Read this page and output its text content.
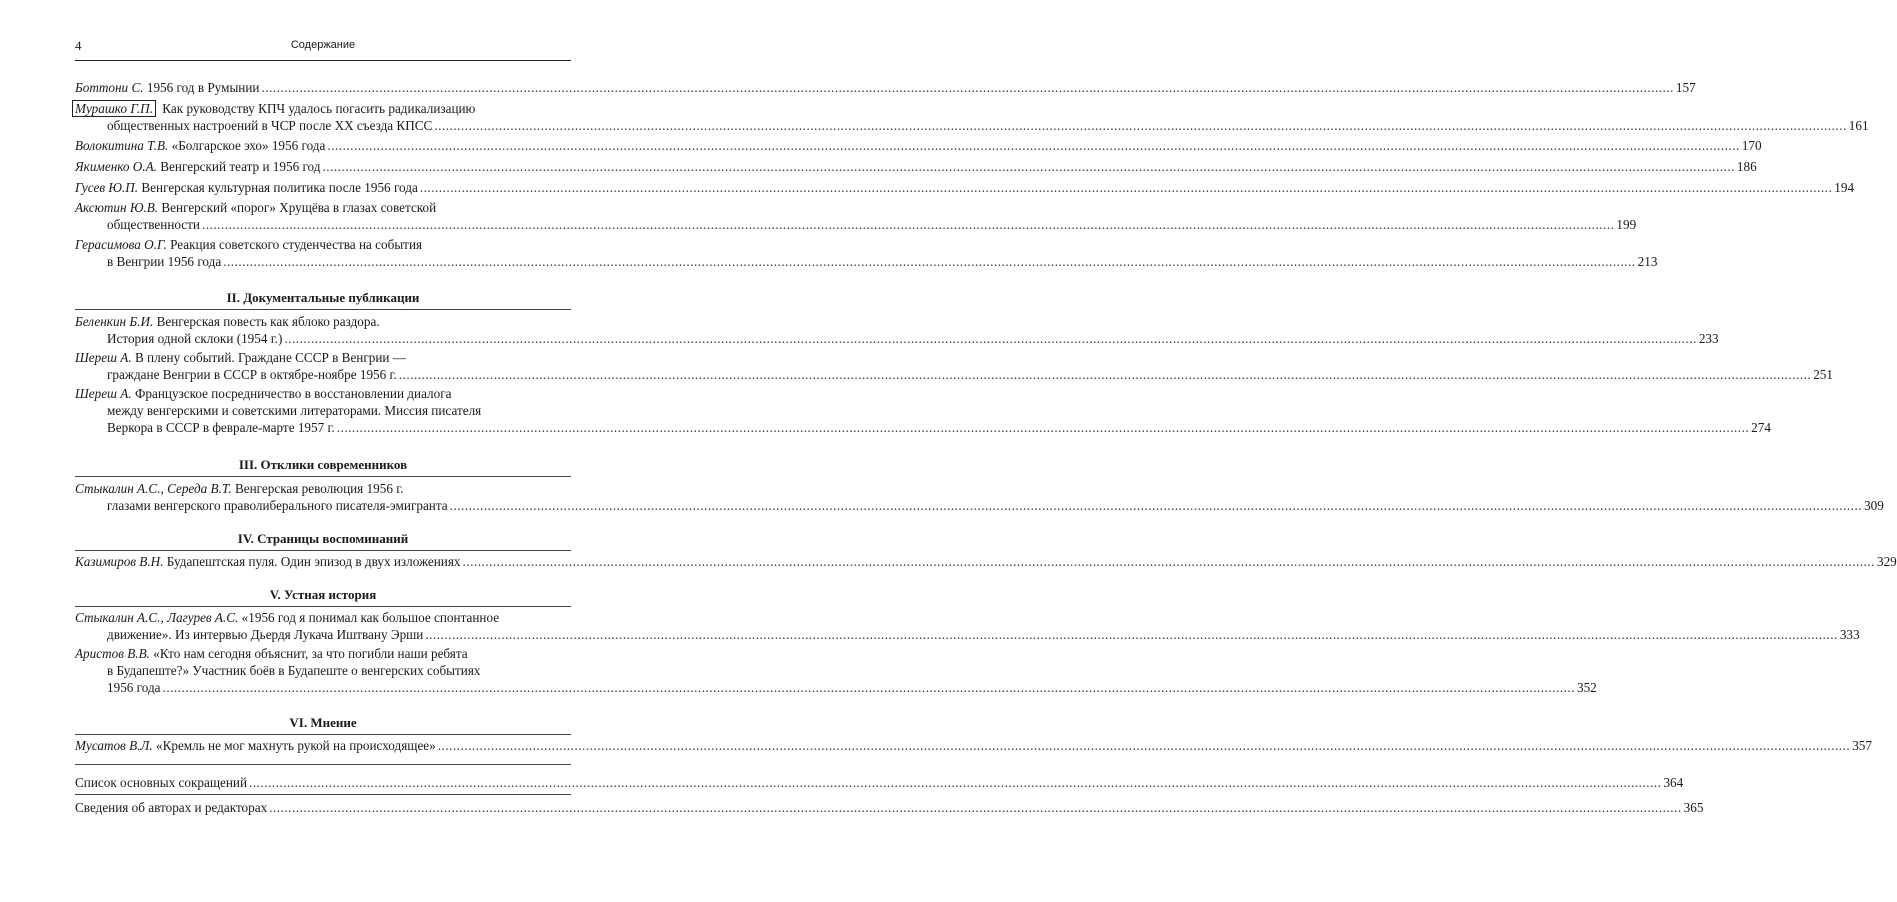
4	Содержание
Боттони С. 1956 год в Румынии .....	157
Мурашко Г.П. Как руководству КПЧ удалось погасить радикализацию
общественных настроений в ЧСР после XX съезда КПСС .....	161
Волокитина Т.В. «Болгарское эхо» 1956 года .....	170
Якименко О.А. Венгерский театр и 1956 год .....	186
Гусев Ю.П. Венгерская культурная политика после 1956 года .....	194
Аксютин Ю.В. Венгерский «порог» Хрущёва в глазах советской
общественности .....	199
Герасимова О.Г. Реакция советского студенчества на события
в Венгрии 1956 года .....	213
II. Документальные публикации
Беленкин Б.И. Венгерская повесть как яблоко раздора.
История одной склоки (1954 г.) .....	233
Шереш А. В плену событий. Граждане СССР в Венгрии —
граждане Венгрии в СССР в октябре-ноябре 1956 г. .....	251
Шереш А. Французское посредничество в восстановлении диалога
между венгерскими и советскими литераторами. Миссия писателя
Веркора в СССР в феврале-марте 1957 г. .....	274
III. Отклики современников
Стыкалин А.С., Середа В.Т. Венгерская революция 1956 г.
глазами венгерского праволиберального писателя-эмигранта .....	309
IV. Страницы воспоминаний
Казимиров В.Н. Будапештская пуля. Один эпизод в двух изложениях .....	329
V. Устная история
Стыкалин А.С., Лагурев А.С. «1956 год я понимал как большое спонтанное
движение». Из интервью Дьердя Лукача Иштвану Эрши .....	333
Аристов В.В. «Кто нам сегодня объяснит, за что погибли наши ребята
в Будапеште?» Участник боёв в Будапеште о венгерских событиях
1956 года .....	352
VI. Мнение
Мусатов В.Л. «Кремль не мог махнуть рукой на происходящее» .....	357
Список основных сокращений .....	364
Сведения об авторах и редакторах .....	365
